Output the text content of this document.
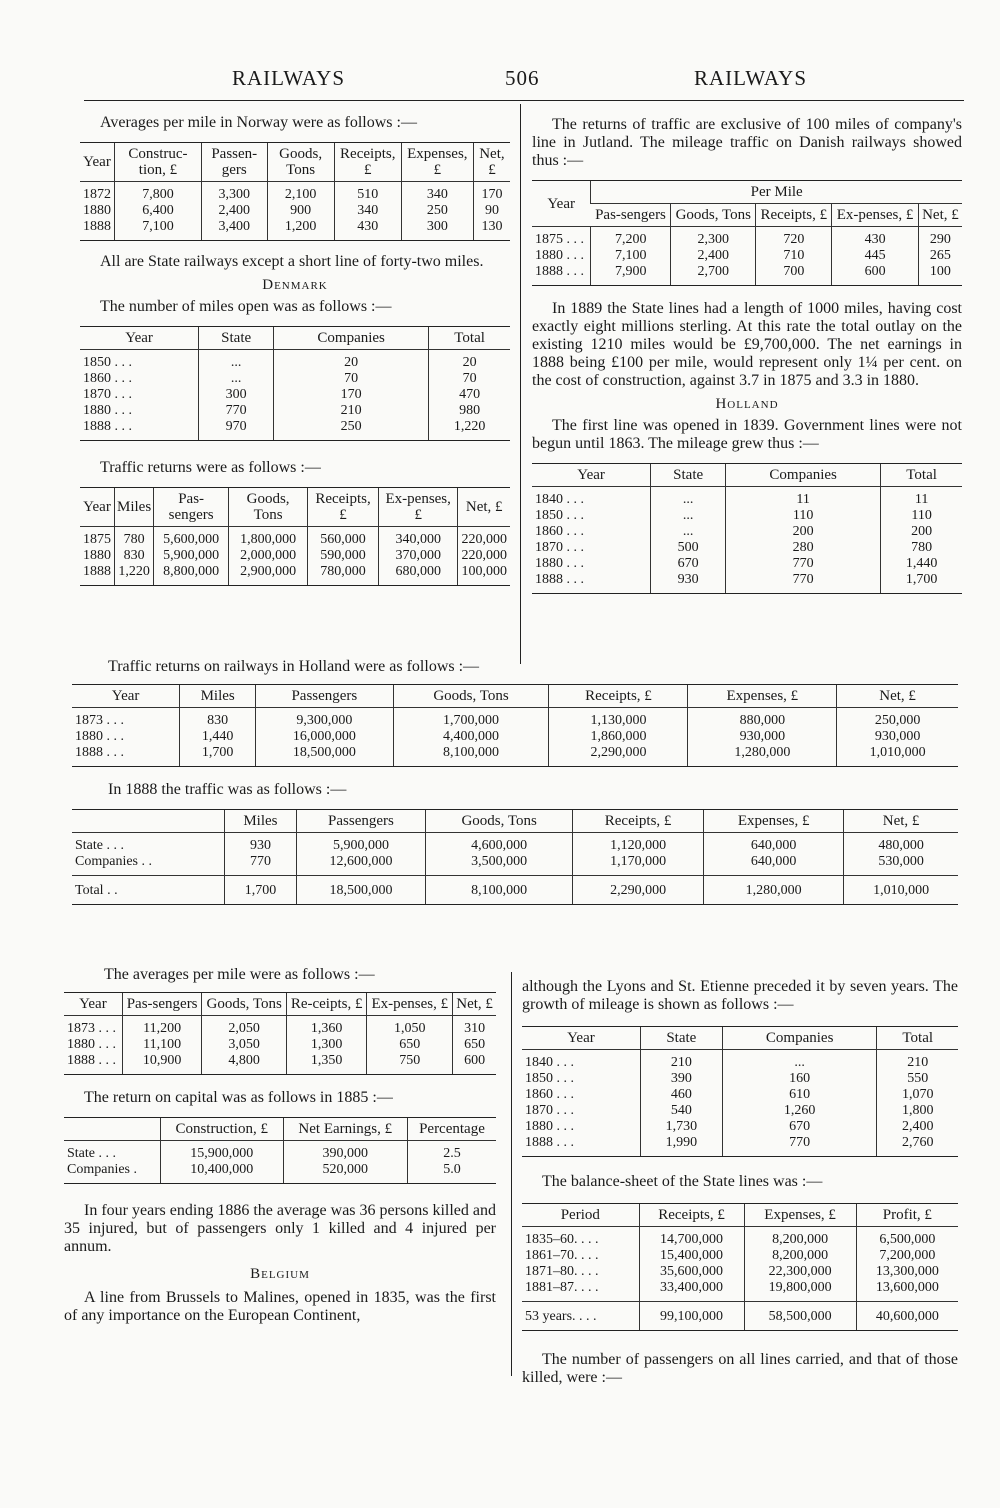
RAILWAYS	506	RAILWAYS

Averages per mile in Norway were as follows :—

Year	Construc-tion, £	Passen-gers	Goods, Tons	Receipts, £	Expenses, £	Net, £
1872	7,800	3,300	2,100	510	340	170
1880	6,400	2,400	900	340	250	90
1888	7,100	3,400	1,200	430	300	130

All are State railways except a short line of forty-two miles.

Denmark

The number of miles open was as follows :—

Year	State	Companies	Total
1850 . . .	...	20	20
1860 . . .	...	70	70
1870 . . .	300	170	470
1880 . . .	770	210	980
1888 . . .	970	250	1,220

Traffic returns were as follows :—

Year	Miles	Pas-sengers	Goods, Tons	Receipts, £	Ex-penses, £	Net, £
1875	780	5,600,000	1,800,000	560,000	340,000	220,000
1880	830	5,900,000	2,000,000	590,000	370,000	220,000
1888	1,220	8,800,000	2,900,000	780,000	680,000	100,000

The returns of traffic are exclusive of 100 miles of company's line in Jutland. The mileage traffic on Danish railways showed thus :—

Year	Per Mile				
	Pas-sengers	Goods, Tons	Receipts, £	Ex-penses, £	Net, £
1875 . . .	7,200	2,300	720	430	290
1880 . . .	7,100	2,400	710	445	265
1888 . . .	7,900	2,700	700	600	100

In 1889 the State lines had a length of 1000 miles, having cost exactly eight millions sterling. At this rate the total outlay on the existing 1210 miles would be £9,700,000. The net earnings in 1888 being £100 per mile, would represent only 1¼ per cent. on the cost of construction, against 3.7 in 1875 and 3.3 in 1880.

Holland

The first line was opened in 1839. Government lines were not begun until 1863. The mileage grew thus :—

Year	State	Companies	Total
1840 . . .	...	11	11
1850 . . .	...	110	110
1860 . . .	...	200	200
1870 . . .	500	280	780
1880 . . .	670	770	1,440
1888 . . .	930	770	1,700

Traffic returns on railways in Holland were as follows :—

Year	Miles	Passengers	Goods, Tons	Receipts, £	Expenses, £	Net, £
1873 . . .	830	9,300,000	1,700,000	1,130,000	880,000	250,000
1880 . . .	1,440	16,000,000	4,400,000	1,860,000	930,000	930,000
1888 . . .	1,700	18,500,000	8,100,000	2,290,000	1,280,000	1,010,000

In 1888 the traffic was as follows :—

	Miles	Passengers	Goods, Tons	Receipts, £	Expenses, £	Net, £
State . . .	930	5,900,000	4,600,000	1,120,000	640,000	480,000
Companies . .	770	12,600,000	3,500,000	1,170,000	640,000	530,000
Total . .	1,700	18,500,000	8,100,000	2,290,000	1,280,000	1,010,000

The averages per mile were as follows :—

Year	Pas-sengers	Goods, Tons	Re-ceipts, £	Ex-penses, £	Net, £
1873 . . .	11,200	2,050	1,360	1,050	310
1880 . . .	11,100	3,050	1,300	650	650
1888 . . .	10,900	4,800	1,350	750	600

The return on capital was as follows in 1885 :—

	Construction, £	Net Earnings, £	Percentage
State . . .	15,900,000	390,000	2.5
Companies .	10,400,000	520,000	5.0

In four years ending 1886 the average was 36 persons killed and 35 injured, but of passengers only 1 killed and 4 injured per annum.

Belgium

A line from Brussels to Malines, opened in 1835, was the first of any importance on the European Continent,

although the Lyons and St. Etienne preceded it by seven years. The growth of mileage is shown as follows :—

Year	State	Companies	Total
1840 . . .	210	...	210
1850 . . .	390	160	550
1860 . . .	460	610	1,070
1870 . . .	540	1,260	1,800
1880 . . .	1,730	670	2,400
1888 . . .	1,990	770	2,760

The balance-sheet of the State lines was :—

Period	Receipts, £	Expenses, £	Profit, £
1835–60. . . .	14,700,000	8,200,000	6,500,000
1861–70. . . .	15,400,000	8,200,000	7,200,000
1871–80. . . .	35,600,000	22,300,000	13,300,000
1881–87. . . .	33,400,000	19,800,000	13,600,000
53 years. . . .	99,100,000	58,500,000	40,600,000

The number of passengers on all lines carried, and that of those killed, were :—
